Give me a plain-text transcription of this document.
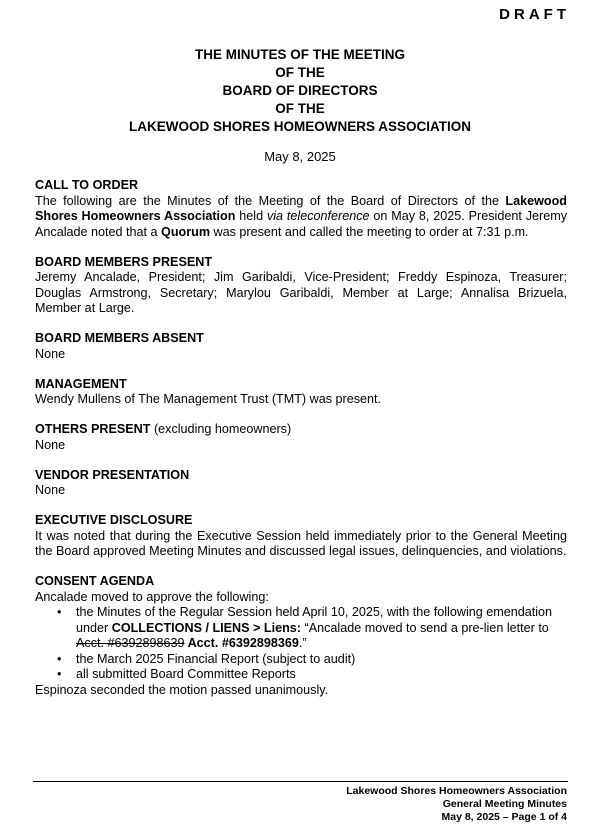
DRAFT
THE MINUTES OF THE MEETING
OF THE
BOARD OF DIRECTORS
OF THE
LAKEWOOD SHORES HOMEOWNERS ASSOCIATION
May 8, 2025
CALL TO ORDER
The following are the Minutes of the Meeting of the Board of Directors of the Lakewood Shores Homeowners Association held via teleconference on May 8, 2025. President Jeremy Ancalade noted that a Quorum was present and called the meeting to order at 7:31 p.m.
BOARD MEMBERS PRESENT
Jeremy Ancalade, President; Jim Garibaldi, Vice-President; Freddy Espinoza, Treasurer; Douglas Armstrong, Secretary; Marylou Garibaldi, Member at Large; Annalisa Brizuela, Member at Large.
BOARD MEMBERS ABSENT
None
MANAGEMENT
Wendy Mullens of The Management Trust (TMT) was present.
OTHERS PRESENT (excluding homeowners)
None
VENDOR PRESENTATION
None
EXECUTIVE DISCLOSURE
It was noted that during the Executive Session held immediately prior to the General Meeting the Board approved Meeting Minutes and discussed legal issues, delinquencies, and violations.
CONSENT AGENDA
Ancalade moved to approve the following:
• the Minutes of the Regular Session held April 10, 2025, with the following emendation under COLLECTIONS / LIENS > Liens: “Ancalade moved to send a pre-lien letter to Acct. #6392898639 Acct. #6392898369.”
• the March 2025 Financial Report (subject to audit)
• all submitted Board Committee Reports
Espinoza seconded the motion passed unanimously.
Lakewood Shores Homeowners Association
General Meeting Minutes
May 8, 2025 – Page 1 of 4
